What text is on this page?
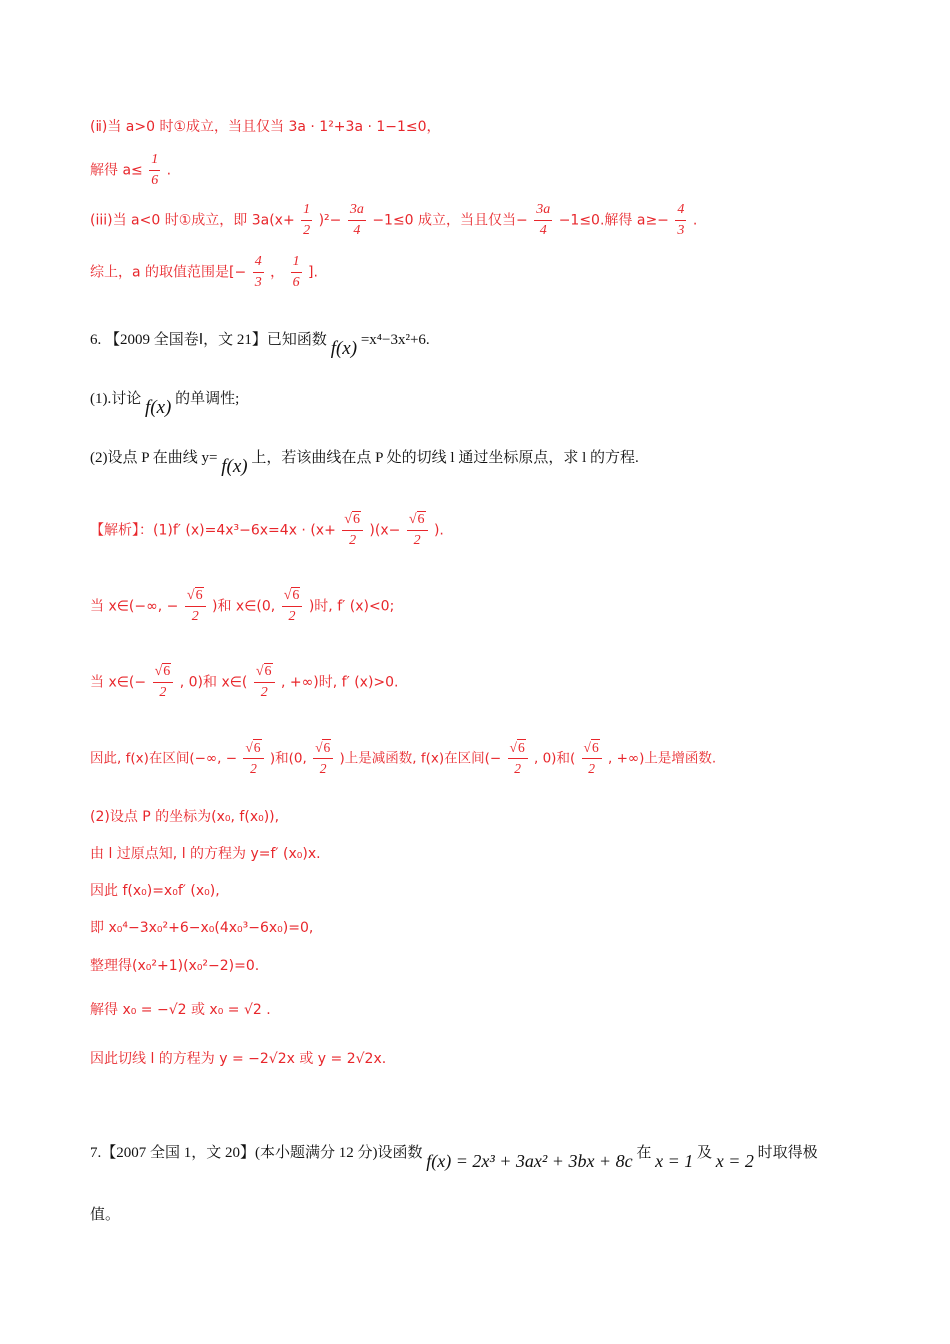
(ⅱ)当 a>0 时①成立，当且仅当 3a · 1²+3a · 1−1≤0，
解得 $a\le \frac{1}{6}$ .
(iii)当 a<0 时①成立，即 $3a(x+ \frac{1}{2} )^2- \frac{3a}{4} -1\le 0$ 成立，当且仅当− $\frac{3a}{4} -1\le 0$.解得 $a\ge- \frac{4}{3}$ .
综上，a 的取值范围是[− $\frac{4}{3}$ ， $\frac{1}{6}$ ].
6. 【2009 全国卷Ⅰ，文 21】已知函数 f(x) =x⁴−3x²+6.
(1).讨论 f(x) 的单调性;
(2)设点 P 在曲线 y= f(x) 上，若该曲线在点 P 处的切线 l 通过坐标原点，求 l 的方程.
【解析】：(1)f′ $(x)=4x^3-6x=4x \cdot (x+ \frac{√6}{2} )(x- \frac{√6}{2}$ ).
当 x∈(−∞, − $\frac{√6}{2}$ )和 x∈(0, $\frac{√6}{2}$ )时, f′ (x)<0;
当 x∈(− $\frac{√6}{2}$ , 0)和 x∈( $\frac{√6}{2}$ , +∞)时, f′ (x)>0.
因此, f(x)在区间(−∞, − $\frac{√6}{2}$ )和(0, $\frac{√6}{2}$ )上是减函数, f(x)在区间(− $\frac{√6}{2}$ , 0)和( $\frac{√6}{2}$ , +∞)上是增函数.
(2)设点 P 的坐标为(x₀, f(x₀)),
由 l 过原点知, l 的方程为 y=f′ (x₀)x.
因此 f(x₀)=x₀f′ (x₀),
即 x₀⁴−3x₀²+6−x₀(4x₀³−6x₀)=0,
整理得(x₀²+1)(x₀²−2)=0.
解得 x₀ = −√2 或 x₀ = √2 .
因此切线 l 的方程为 y = −2√2x 或 y = 2√2x.
7.【2007 全国 1，文 20】(本小题满分 12 分)设函数 f(x) = 2x³ + 3ax² + 3bx + 8c 在 x = 1 及 x = 2 时取得极
值。
